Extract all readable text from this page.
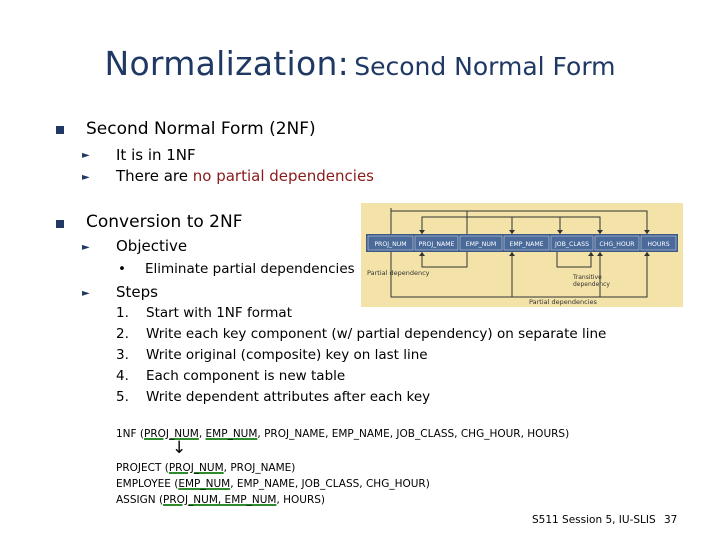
Normalization: Second Normal Form
Second Normal Form (2NF)
► It is in 1NF
► There are no partial dependencies
Conversion to 2NF
► Objective
• Eliminate partial dependencies
► Steps
1. Start with 1NF format
2. Write each key component (w/ partial dependency) on separate line
3. Write original (composite) key on last line
4. Each component is new table
5. Write dependent attributes after each key
1NF (PROJ_NUM, EMP_NUM, PROJ_NAME, EMP_NAME, JOB_CLASS, CHG_HOUR, HOURS)
↓
PROJECT (PROJ_NUM, PROJ_NAME)
EMPLOYEE (EMP_NUM, EMP_NAME, JOB_CLASS, CHG_HOUR)
ASSIGN (PROJ_NUM, EMP_NUM, HOURS)
PROJ_NUM PROJ_NAME EMP_NUM EMP_NAME JOB_CLASS CHG_HOUR HOURS
Partial dependency
Transitive dependency
Partial dependencies
S511 Session 5, IU-SLIS 37
